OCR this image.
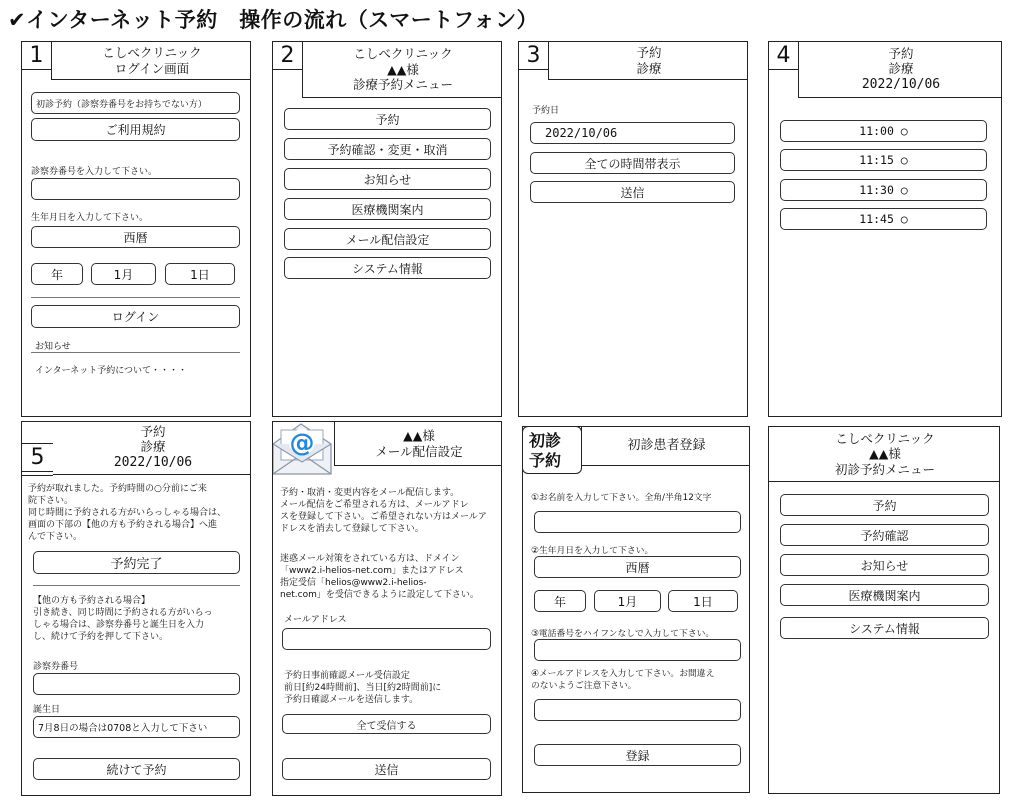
✔インターネット予約　操作の流れ（スマートフォン）
1	こしべクリニック
ログイン画面
初診予約（診察券番号をお持ちでない方）
ご利用規約
診察券番号を入力して下さい。
生年月日を入力して下さい。
西暦
年	1月	1日
ログイン
お知らせ
インターネット予約について・・・・
2	こしべクリニック
▲▲様
診療予約メニュー
予約
予約確認・変更・取消
お知らせ
医療機関案内
メール配信設定
システム情報
3	予約
診療
予約日
2022/10/06
全ての時間帯表示
送信
4	予約
診療
2022/10/06
11:00 ○
11:15 ○
11:30 ○
11:45 ○
5
予約
診療
2022/10/06
予約が取れました。予約時間の○分前にご来
院下さい。
同じ時間に予約される方がいらっしゃる場合は、
画面の下部の【他の方も予約される場合】へ進
んで下さい。
予約完了
【他の方も予約される場合】
引き続き、同じ時間に予約される方がいらっ
しゃる場合は、診察券番号と誕生日を入力
し、続けて予約を押して下さい。
診察券番号
誕生日
7月8日の場合は0708と入力して下さい
続けて予約
▲▲様
メール配信設定
@
予約・取消・変更内容をメール配信します。
メール配信をご希望される方は、メールアドレ
スを登録して下さい。ご希望されない方はメールア
ドレスを消去して登録して下さい。
迷惑メール対策をされている方は、ドメイン
「www2.i-helios-net.com」またはアドレス
指定受信「helios@www2.i-helios-
net.com」を受信できるように設定して下さい。
メールアドレス
予約日事前確認メール受信設定
前日[約24時間前]、当日[約2時間前]に
予約日確認メールを送信します。
全て受信する
送信
初診
予約
初診患者登録
①お名前を入力して下さい。全角/半角12文字
②生年月日を入力して下さい。
西暦
年	1月	1日
③電話番号をハイフンなしで入力して下さい。
④メールアドレスを入力して下さい。お間違え
のないようご注意下さい。
登録
こしべクリニック
▲▲様
初診予約メニュー
予約
予約確認
お知らせ
医療機関案内
システム情報
